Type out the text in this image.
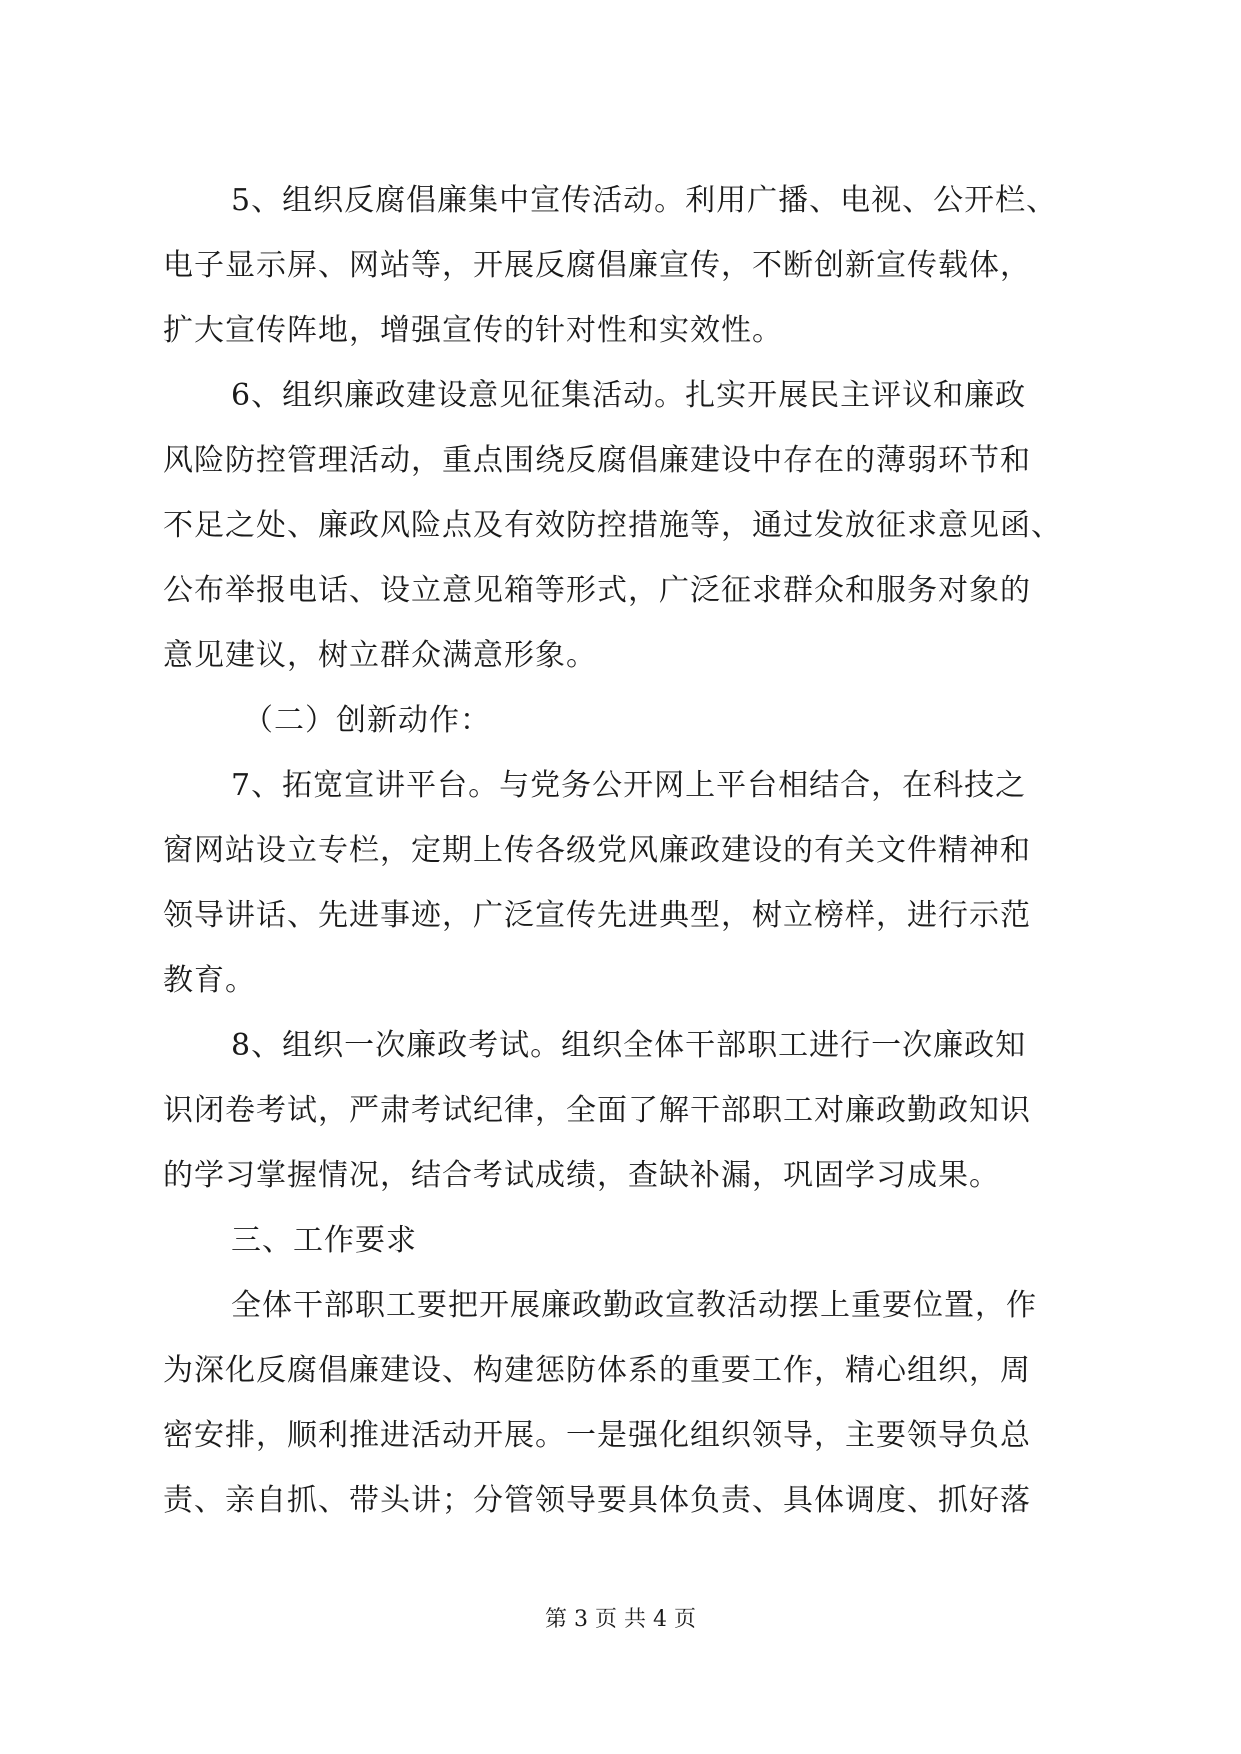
5、组织反腐倡廉集中宣传活动。利用广播、电视、公开栏、
电子显示屏、网站等，开展反腐倡廉宣传，不断创新宣传载体，
扩大宣传阵地，增强宣传的针对性和实效性。
6、组织廉政建设意见征集活动。扎实开展民主评议和廉政
风险防控管理活动，重点围绕反腐倡廉建设中存在的薄弱环节和
不足之处、廉政风险点及有效防控措施等，通过发放征求意见函、
公布举报电话、设立意见箱等形式，广泛征求群众和服务对象的
意见建议，树立群众满意形象。
（二）创新动作：
7、拓宽宣讲平台。与党务公开网上平台相结合，在科技之
窗网站设立专栏，定期上传各级党风廉政建设的有关文件精神和
领导讲话、先进事迹，广泛宣传先进典型，树立榜样，进行示范
教育。
8、组织一次廉政考试。组织全体干部职工进行一次廉政知
识闭卷考试，严肃考试纪律，全面了解干部职工对廉政勤政知识
的学习掌握情况，结合考试成绩，查缺补漏，巩固学习成果。
三、工作要求
全体干部职工要把开展廉政勤政宣教活动摆上重要位置，作
为深化反腐倡廉建设、构建惩防体系的重要工作，精心组织，周
密安排，顺利推进活动开展。一是强化组织领导，主要领导负总
责、亲自抓、带头讲；分管领导要具体负责、具体调度、抓好落
第 3 页 共 4 页
